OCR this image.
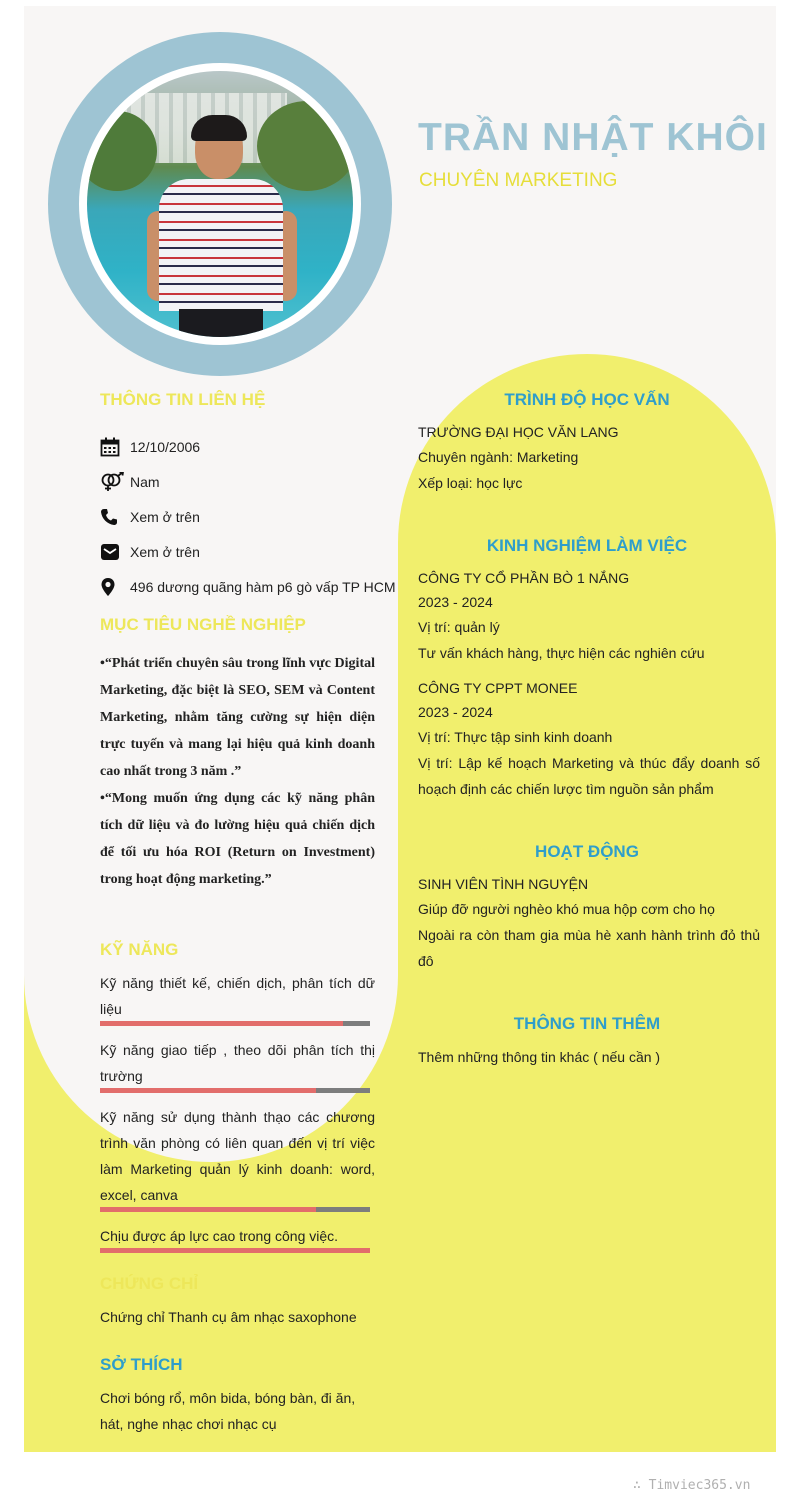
TRẦN NHẬT KHÔI
CHUYÊN MARKETING
THÔNG TIN LIÊN HỆ
12/10/2006
Nam
Xem ở trên
Xem ở trên
496 dương quãng hàm p6 gò vấp TP HCM
MỤC TIÊU NGHỀ NGHIỆP

•“Phát triển chuyên sâu trong lĩnh vực Digital Marketing, đặc biệt là SEO, SEM và Content Marketing, nhằm tăng cường sự hiện diện trực tuyến và mang lại hiệu quả kinh doanh cao nhất trong 3 năm .”

•“Mong muốn ứng dụng các kỹ năng phân tích dữ liệu và đo lường hiệu quả chiến dịch để tối ưu hóa ROI (Return on Investment) trong hoạt động marketing.”

KỸ NĂNG
Kỹ năng thiết kế, chiến dịch, phân tích dữ liệu
Kỹ năng giao tiếp , theo dõi phân tích thị trường
Kỹ năng sử dụng thành thạo các chương trình văn phòng có liên quan đến vị trí việc làm Marketing quản lý kinh doanh: word, excel, canva
Chịu được áp lực cao trong công việc.
CHỨNG CHỈ
Chứng chỉ Thanh cụ âm nhạc saxophone
SỞ THÍCH
Chơi bóng rổ, môn bida, bóng bàn, đi ăn, hát, nghe nhạc chơi nhạc cụ
TRÌNH ĐỘ HỌC VẤN
TRƯỜNG ĐẠI HỌC VĂN LANG
Chuyên ngành: Marketing
Xếp loại: học lực
KINH NGHIỆM LÀM VIỆC
CÔNG TY CỔ PHẦN BÒ 1 NẮNG
2023 - 2024
Vị trí: quản lý
Tư vấn khách hàng, thực hiện các nghiên cứu
CÔNG TY CPPT MONEE
2023 - 2024
Vị trí: Thực tập sinh kinh doanh
Vị trí: Lập kế hoạch Marketing và thúc đẩy doanh số hoạch định các chiến lược tìm nguồn sản phẩm
HOẠT ĐỘNG
SINH VIÊN TÌNH NGUYỆN
Giúp đỡ người nghèo khó mua hộp cơm cho họ
Ngoài ra còn tham gia mùa hè xanh hành trình đỏ thủ đô
THÔNG TIN THÊM
Thêm những thông tin khác ( nếu cần )
∴ Timviec365.vn
